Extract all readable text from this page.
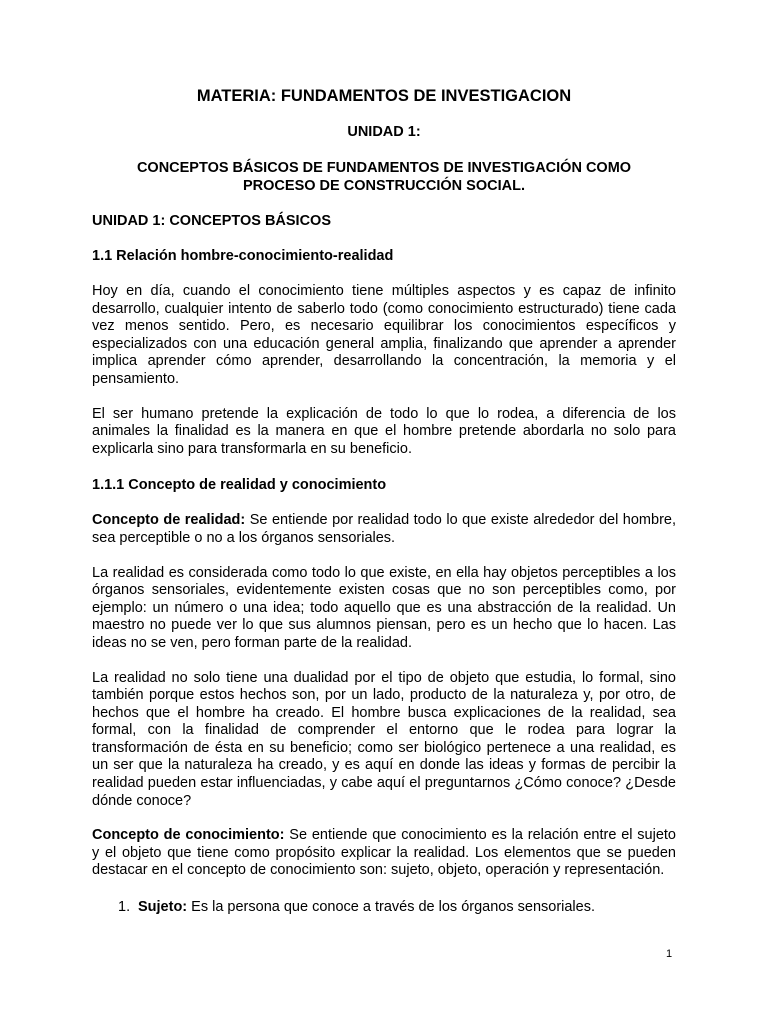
MATERIA: FUNDAMENTOS DE INVESTIGACION

UNIDAD 1:

CONCEPTOS BÁSICOS DE FUNDAMENTOS DE INVESTIGACIÓN COMO

PROCESO DE CONSTRUCCIÓN SOCIAL.

UNIDAD 1: CONCEPTOS BÁSICOS

1.1 Relación hombre-conocimiento-realidad

Hoy en día, cuando el conocimiento tiene múltiples aspectos y es capaz de infinito desarrollo, cualquier intento de saberlo todo (como conocimiento estructurado) tiene cada vez menos sentido. Pero, es necesario equilibrar los conocimientos específicos y especializados con una educación general amplia, finalizando que aprender a aprender implica aprender cómo aprender, desarrollando la concentración, la memoria y el pensamiento.

El ser humano pretende la explicación de todo lo que lo rodea, a diferencia de los animales la finalidad es la manera en que el hombre pretende abordarla no solo para explicarla sino para transformarla en su beneficio.

1.1.1 Concepto de realidad y conocimiento

Concepto de realidad: Se entiende por realidad todo lo que existe alrededor del hombre, sea perceptible o no a los órganos sensoriales.

La realidad es considerada como todo lo que existe, en ella hay objetos perceptibles a los órganos sensoriales, evidentemente existen cosas que no son perceptibles como, por ejemplo: un número o una idea; todo aquello que es una abstracción de la realidad. Un maestro no puede ver lo que sus alumnos piensan, pero es un hecho que lo hacen. Las ideas no se ven, pero forman parte de la realidad.

La realidad no solo tiene una dualidad por el tipo de objeto que estudia, lo formal, sino también porque estos hechos son, por un lado, producto de la naturaleza y, por otro, de hechos que el hombre ha creado. El hombre busca explicaciones de la realidad, sea formal, con la finalidad de comprender el entorno que le rodea para lograr la transformación de ésta en su beneficio; como ser biológico pertenece a una realidad, es un ser que la naturaleza ha creado, y es aquí en donde las ideas y formas de percibir la realidad pueden estar influenciadas, y cabe aquí el preguntarnos ¿Cómo conoce? ¿Desde dónde conoce?

Concepto de conocimiento: Se entiende que conocimiento es la relación entre el sujeto y el objeto que tiene como propósito explicar la realidad. Los elementos que se pueden destacar en el concepto de conocimiento son: sujeto, objeto, operación y representación.

1. Sujeto: Es la persona que conoce a través de los órganos sensoriales.
1
